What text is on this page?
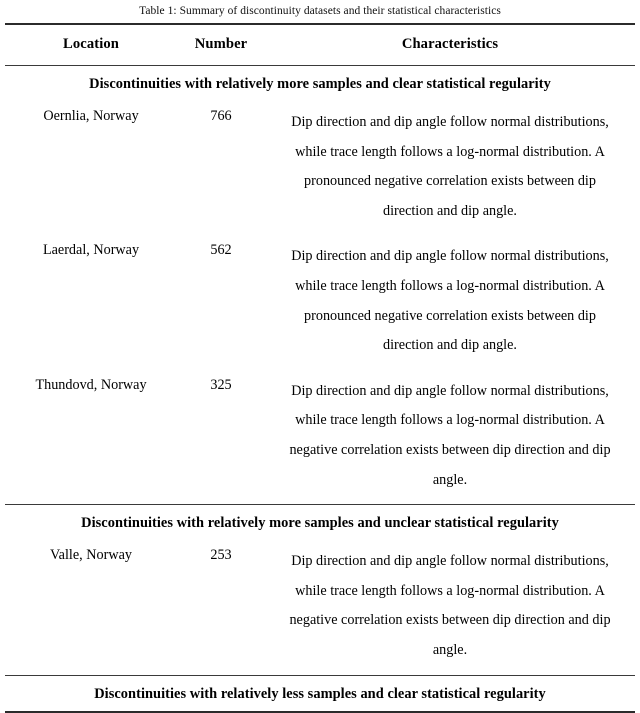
Table 1: Summary of discontinuity datasets and their statistical characteristics

Location	Number	Characteristics

Discontinuities with relatively more samples and clear statistical regularity		
Oernlia, Norway	766	Dip direction and dip angle follow normal distributions,
while trace length follows a log-normal distribution. A
pronounced negative correlation exists between dip
direction and dip angle.

Laerdal, Norway	562	Dip direction and dip angle follow normal distributions,
while trace length follows a log-normal distribution. A
pronounced negative correlation exists between dip
direction and dip angle.

Thundovd, Norway	325	Dip direction and dip angle follow normal distributions,
while trace length follows a log-normal distribution. A
negative correlation exists between dip direction and dip
angle.

Discontinuities with relatively more samples and unclear statistical regularity		
Valle, Norway	253	Dip direction and dip angle follow normal distributions,
while trace length follows a log-normal distribution. A
negative correlation exists between dip direction and dip
angle.

Discontinuities with relatively less samples and clear statistical regularity		
